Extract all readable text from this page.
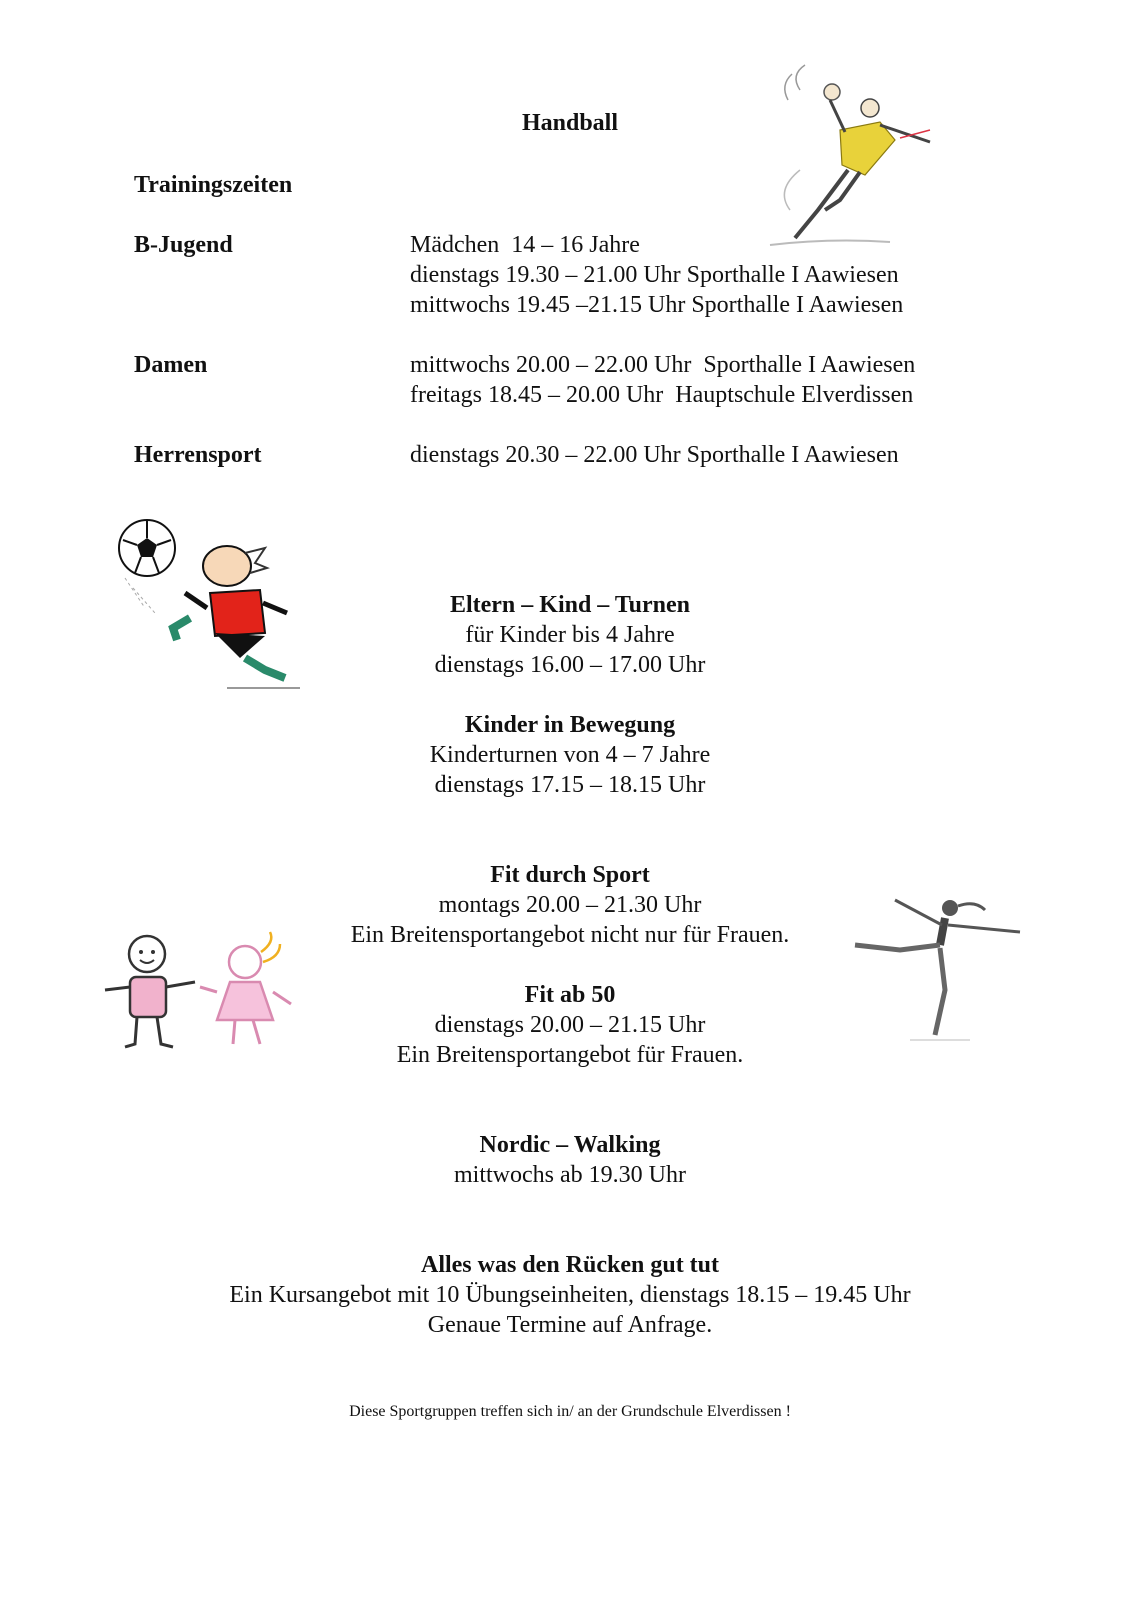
Handball
Trainingszeiten
B-Jugend	Mädchen  14 – 16 Jahre
dienstags 19.30 – 21.00 Uhr Sporthalle I Aawiesen
mittwochs 19.45 –21.15 Uhr Sporthalle I Aawiesen
Damen	mittwochs 20.00 – 22.00 Uhr  Sporthalle I Aawiesen
freitags 18.45 – 20.00 Uhr  Hauptschule Elverdissen
Herrensport	dienstags 20.30 – 22.00 Uhr Sporthalle I Aawiesen
Eltern – Kind – Turnen
für Kinder bis 4 Jahre
dienstags 16.00 – 17.00 Uhr
Kinder in Bewegung
Kinderturnen von 4 – 7 Jahre
dienstags 17.15 – 18.15 Uhr
Fit durch Sport
montags 20.00 – 21.30 Uhr
Ein Breitensportangebot nicht nur für Frauen.
Fit ab 50
dienstags 20.00 – 21.15 Uhr
Ein Breitensportangebot für Frauen.
Nordic – Walking
mittwochs ab 19.30 Uhr
Alles was den Rücken gut tut
Ein Kursangebot mit 10 Übungseinheiten, dienstags 18.15 – 19.45 Uhr
Genaue Termine auf Anfrage.
Diese Sportgruppen treffen sich in/ an der Grundschule Elverdissen !
